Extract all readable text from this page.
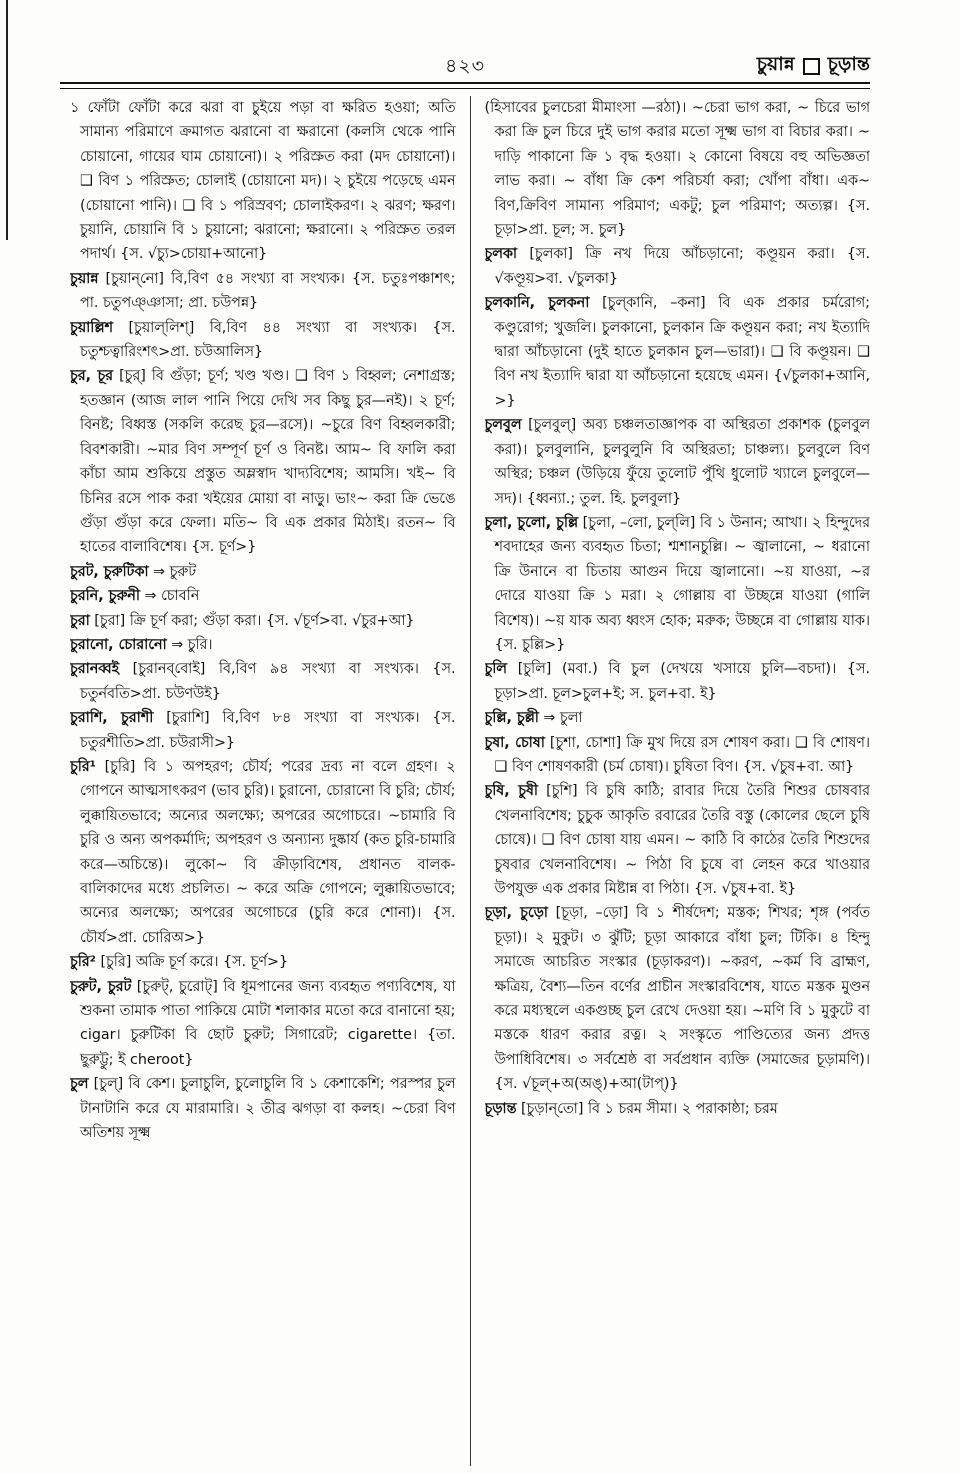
৪২৩	চুয়ান্ন চূড়ান্ত

১ ফোঁটা ফোঁটা করে ঝরা বা চুইয়ে পড়া বা ক্ষরিত হওয়া; অতি সামান্য পরিমাণে ক্রমাগত ঝরানো বা ক্ষরানো (কলসি থেকে পানি চোয়ানো, গায়ের ঘাম চোয়ানো)। ২ পরিস্রুত করা (মদ চোয়ানো)। ❑ বিণ ১ পরিস্রুত; চোলাই (চোয়ানো মদ)। ২ চুইয়ে পড়েছে এমন (চোয়ানো পানি)। ❑ বি ১ পরিস্রবণ; চোলাইকরণ। ২ ঝরণ; ক্ষরণ। চুয়ানি, চোয়ানি বি ১ চুয়ানো; ঝরানো; ক্ষরানো। ২ পরিস্রুত তরল পদার্থ। {স. √চ্যু>চোয়া+আনো}

চুয়ান্ন [চুয়ান্‌নো] বি,বিণ ৫৪ সংখ্যা বা সংখ্যক। {স. চতুঃপঞ্চাশৎ; পা. চতুপঞ্‌ঞাসা; প্রা. চউপন্ন}

চুয়াল্লিশ [চুয়াল্‌লিশ্] বি,বিণ ৪৪ সংখ্যা বা সংখ্যক। {স. চতুশ্চত্বারিংশৎ>প্রা. চউআলিস}

চুর, চূর [চুর্] বি গুঁড়া; চূর্ণ; খণ্ড খণ্ড। ❑ বিণ ১ বিহ্বল; নেশাগ্রস্ত; হতজ্ঞান (আজ লাল পানি পিয়ে দেখি সব কিছু চুর—নই)। ২ চূর্ণ; বিনষ্ট; বিধ্বস্ত (সকলি করেছ চুর—রসে)। ~চুরে বিণ বিহ্বলকারী; বিবশকারী। ~মার বিণ সম্পূর্ণ চূর্ণ ও বিনষ্ট। আম~ বি ফালি করা কাঁচা আম শুকিয়ে প্রস্তুত অম্লস্বাদ খাদ্যবিশেষ; আমসি। খই~ বি চিনির রসে পাক করা খইয়ের মোয়া বা নাড়ু। ভাং~ করা ক্রি ভেঙে গুঁড়া গুঁড়া করে ফেলা। মতি~ বি এক প্রকার মিঠাই। রতন~ বি হাতের বালাবিশেষ। {স. চূর্ণ>}

চুরট, চুরুটিকা ⇒ চুরুট

চুরনি, চুরুনী ⇒ চোবনি

চুরা [চুরা] ক্রি চূর্ণ করা; গুঁড়া করা। {স. √চূর্ণ>বা. √চুর+আ}

চুরানো, চোরানো ⇒ চুরি।

চুরানব্বই [চুরানব্‌বোই] বি,বিণ ৯৪ সংখ্যা বা সংখ্যক। {স. চতুর্নবতি>প্রা. চউণউই}

চুরাশি, চুরাশী [চুরাশি] বি,বিণ ৮৪ সংখ্যা বা সংখ্যক। {স. চতুরশীতি>প্রা. চউরাসী>}

চুরি¹ [চুরি] বি ১ অপহরণ; চৌর্য; পরের দ্রব্য না বলে গ্রহণ। ২ গোপনে আত্মসাৎকরণ (ভাব চুরি)। চুরানো, চোরানো বি চুরি; চৌর্য; লুক্কায়িতভাবে; অন্যের অলক্ষ্যে; অপরের অগোচরে। ~চামারি বি চুরি ও অন্য অপকর্মাদি; অপহরণ ও অন্যান্য দুষ্কার্য (কত চুরি-চামারি করে—অচিন্তে)। লুকো~ বি ক্রীড়াবিশেষ, প্রধানত বালক-বালিকাদের মধ্যে প্রচলিত। ~ করে অক্রি গোপনে; লুক্কায়িতভাবে; অন্যের অলক্ষ্যে; অপরের অগোচরে (চুরি করে শোনা)। {স. চৌর্য>প্রা. চোরিঅ>}

চুরি² [চুরি] অক্রি চূর্ণ করে। {স. চূর্ণ>}

চুরুট, চুরট [চুরুট্, চুরোট্] বি ধূমপানের জন্য ব্যবহৃত পণ্যবিশেষ, যা শুকনা তামাক পাতা পাকিয়ে মোটা শলাকার মতো করে বানানো হয়; cigar। চুরুটিকা বি ছোট চুরুট; সিগারেট; cigarette। {তা. ছুরুট্টু; ই cheroot}

চুল [চুল্] বি কেশ। চুলাচুলি, চুলোচুলি বি ১ কেশাকেশি; পরস্পর চুল টানাটানি করে যে মারামারি। ২ তীব্র ঝগড়া বা কলহ। ~চেরা বিণ অতিশয় সূক্ষ্ম

(হিসাবের চুলচেরা মীমাংসা —রঠা)। ~চেরা ভাগ করা, ~ চিরে ভাগ করা ক্রি চুল চিরে দুই ভাগ করার মতো সূক্ষ্ম ভাগ বা বিচার করা। ~ দাড়ি পাকানো ক্রি ১ বৃদ্ধ হওয়া। ২ কোনো বিষয়ে বহু অভিজ্ঞতা লাভ করা। ~ বাঁধা ক্রি কেশ পরিচর্যা করা; খোঁপা বাঁধা। এক~ বিণ,ক্রিবিণ সামান্য পরিমাণ; একটু; চুল পরিমাণ; অত্যল্প। {স. চূড়া>প্রা. চূল; স. চুল}

চুলকা [চুলকা] ক্রি নখ দিয়ে আঁচড়ানো; কণ্ডূয়ন করা। {স. √কণ্ডূয়>বা. √চুলকা}

চুলকানি, চুলকনা [চুল্‌কানি, –কনা] বি এক প্রকার চর্মরোগ; কণ্ডুরোগ; খুজলি। চুলকানো, চুলকান ক্রি কণ্ডূয়ন করা; নখ ইত্যাদি দ্বারা আঁচড়ানো (দুই হাতে চুলকান চুল—ভারা)। ❑ বি কণ্ডূয়ন। ❑ বিণ নখ ইত্যাদি দ্বারা যা আঁচড়ানো হয়েছে এমন। {√চুলকা+আনি, >}

চুলবুল [চুলবুল্] অব্য চঞ্চলতাজ্ঞাপক বা অস্থিরতা প্রকাশক (চুলবুল করা)। চুলবুলানি, চুলবুলুনি বি অস্থিরতা; চাঞ্চল্য। চুলবুলে বিণ অস্থির; চঞ্চল (উড়িয়ে ফুঁয়ে তুলোট পুঁথি ধুলোট খ্যালে চুলবুলে—সদ)। {ধ্বন্যা.; তুল. হি. চুলবুলা}

চুলা, চুলো, চুল্লি [চুলা, –লো, চুল্‌লি] বি ১ উনান; আখা। ২ হিন্দুদের শবদাহের জন্য ব্যবহৃত চিতা; শ্মশানচুল্লি। ~ জ্বালানো, ~ ধরানো ক্রি উনানে বা চিতায় আগুন দিয়ে জ্বালানো। ~য় যাওয়া, ~র দোরে যাওয়া ক্রি ১ মরা। ২ গোল্লায় বা উচ্ছন্নে যাওয়া (গালি বিশেষ)। ~য় যাক অব্য ধ্বংস হোক; মরুক; উচ্ছন্নে বা গোল্লায় যাক। {স. চুল্লি>}

চুলি [চুলি] (মবা.) বি চুল (দেখয়ে খসায়ে চুলি—বচদা)। {স. চূড়া>প্রা. চূল>চুল+ই; স. চুল+বা. ই}

চুল্লি, চুল্লী ⇒ চুলা

চুষা, চোষা [চুশা, চোশা] ক্রি মুখ দিয়ে রস শোষণ করা। ❑ বি শোষণ। ❑ বিণ শোষণকারী (চর্ম চোষা)। চুষিতা বিণ। {স. √চুষ+বা. আ}

চুষি, চুষী [চুশি] বি চুষি কাঠি; রাবার দিয়ে তৈরি শিশুর চোষবার খেলনাবিশেষ; চুচুক আকৃতি রবারের তৈরি বস্তু (কোলের ছেলে চুষি চোষে)। ❑ বিণ চোষা যায় এমন। ~ কাঠি বি কাঠের তৈরি শিশুদের চুষবার খেলনাবিশেষ। ~ পিঠা বি চুষে বা লেহন করে খাওয়ার উপযুক্ত এক প্রকার মিষ্টান্ন বা পিঠা। {স. √চুষ+বা. ই}

চূড়া, চুড়ো [চূড়া, –ড়ো] বি ১ শীর্ষদেশ; মস্তক; শিখর; শৃঙ্গ (পর্বত চূড়া)। ২ মুকুট। ৩ ঝুঁটি; চূড়া আকারে বাঁধা চুল; টিকি। ৪ হিন্দু সমাজে আচরিত সংস্কার (চূড়াকরণ)। ~করণ, ~কর্ম বি ব্রাহ্মণ, ক্ষত্রিয়, বৈশ্য—তিন বর্ণের প্রাচীন সংস্কারবিশেষ, যাতে মস্তক মুণ্ডন করে মধ্যস্থলে একগুচ্ছ চুল রেখে দেওয়া হয়। ~মণি বি ১ মুকুটে বা মস্তকে ধারণ করার রত্ন। ২ সংস্কৃতে পাণ্ডিত্যের জন্য প্রদত্ত উপাধিবিশেষ। ৩ সর্বশ্রেষ্ঠ বা সর্বপ্রধান ব্যক্তি (সমাজের চূড়ামণি)। {স. √চূল্+অ(অঙ্)+আ(টাপ্)}

চূড়ান্ত [চুড়ান্‌তো] বি ১ চরম সীমা। ২ পরাকাষ্ঠা; চরম
